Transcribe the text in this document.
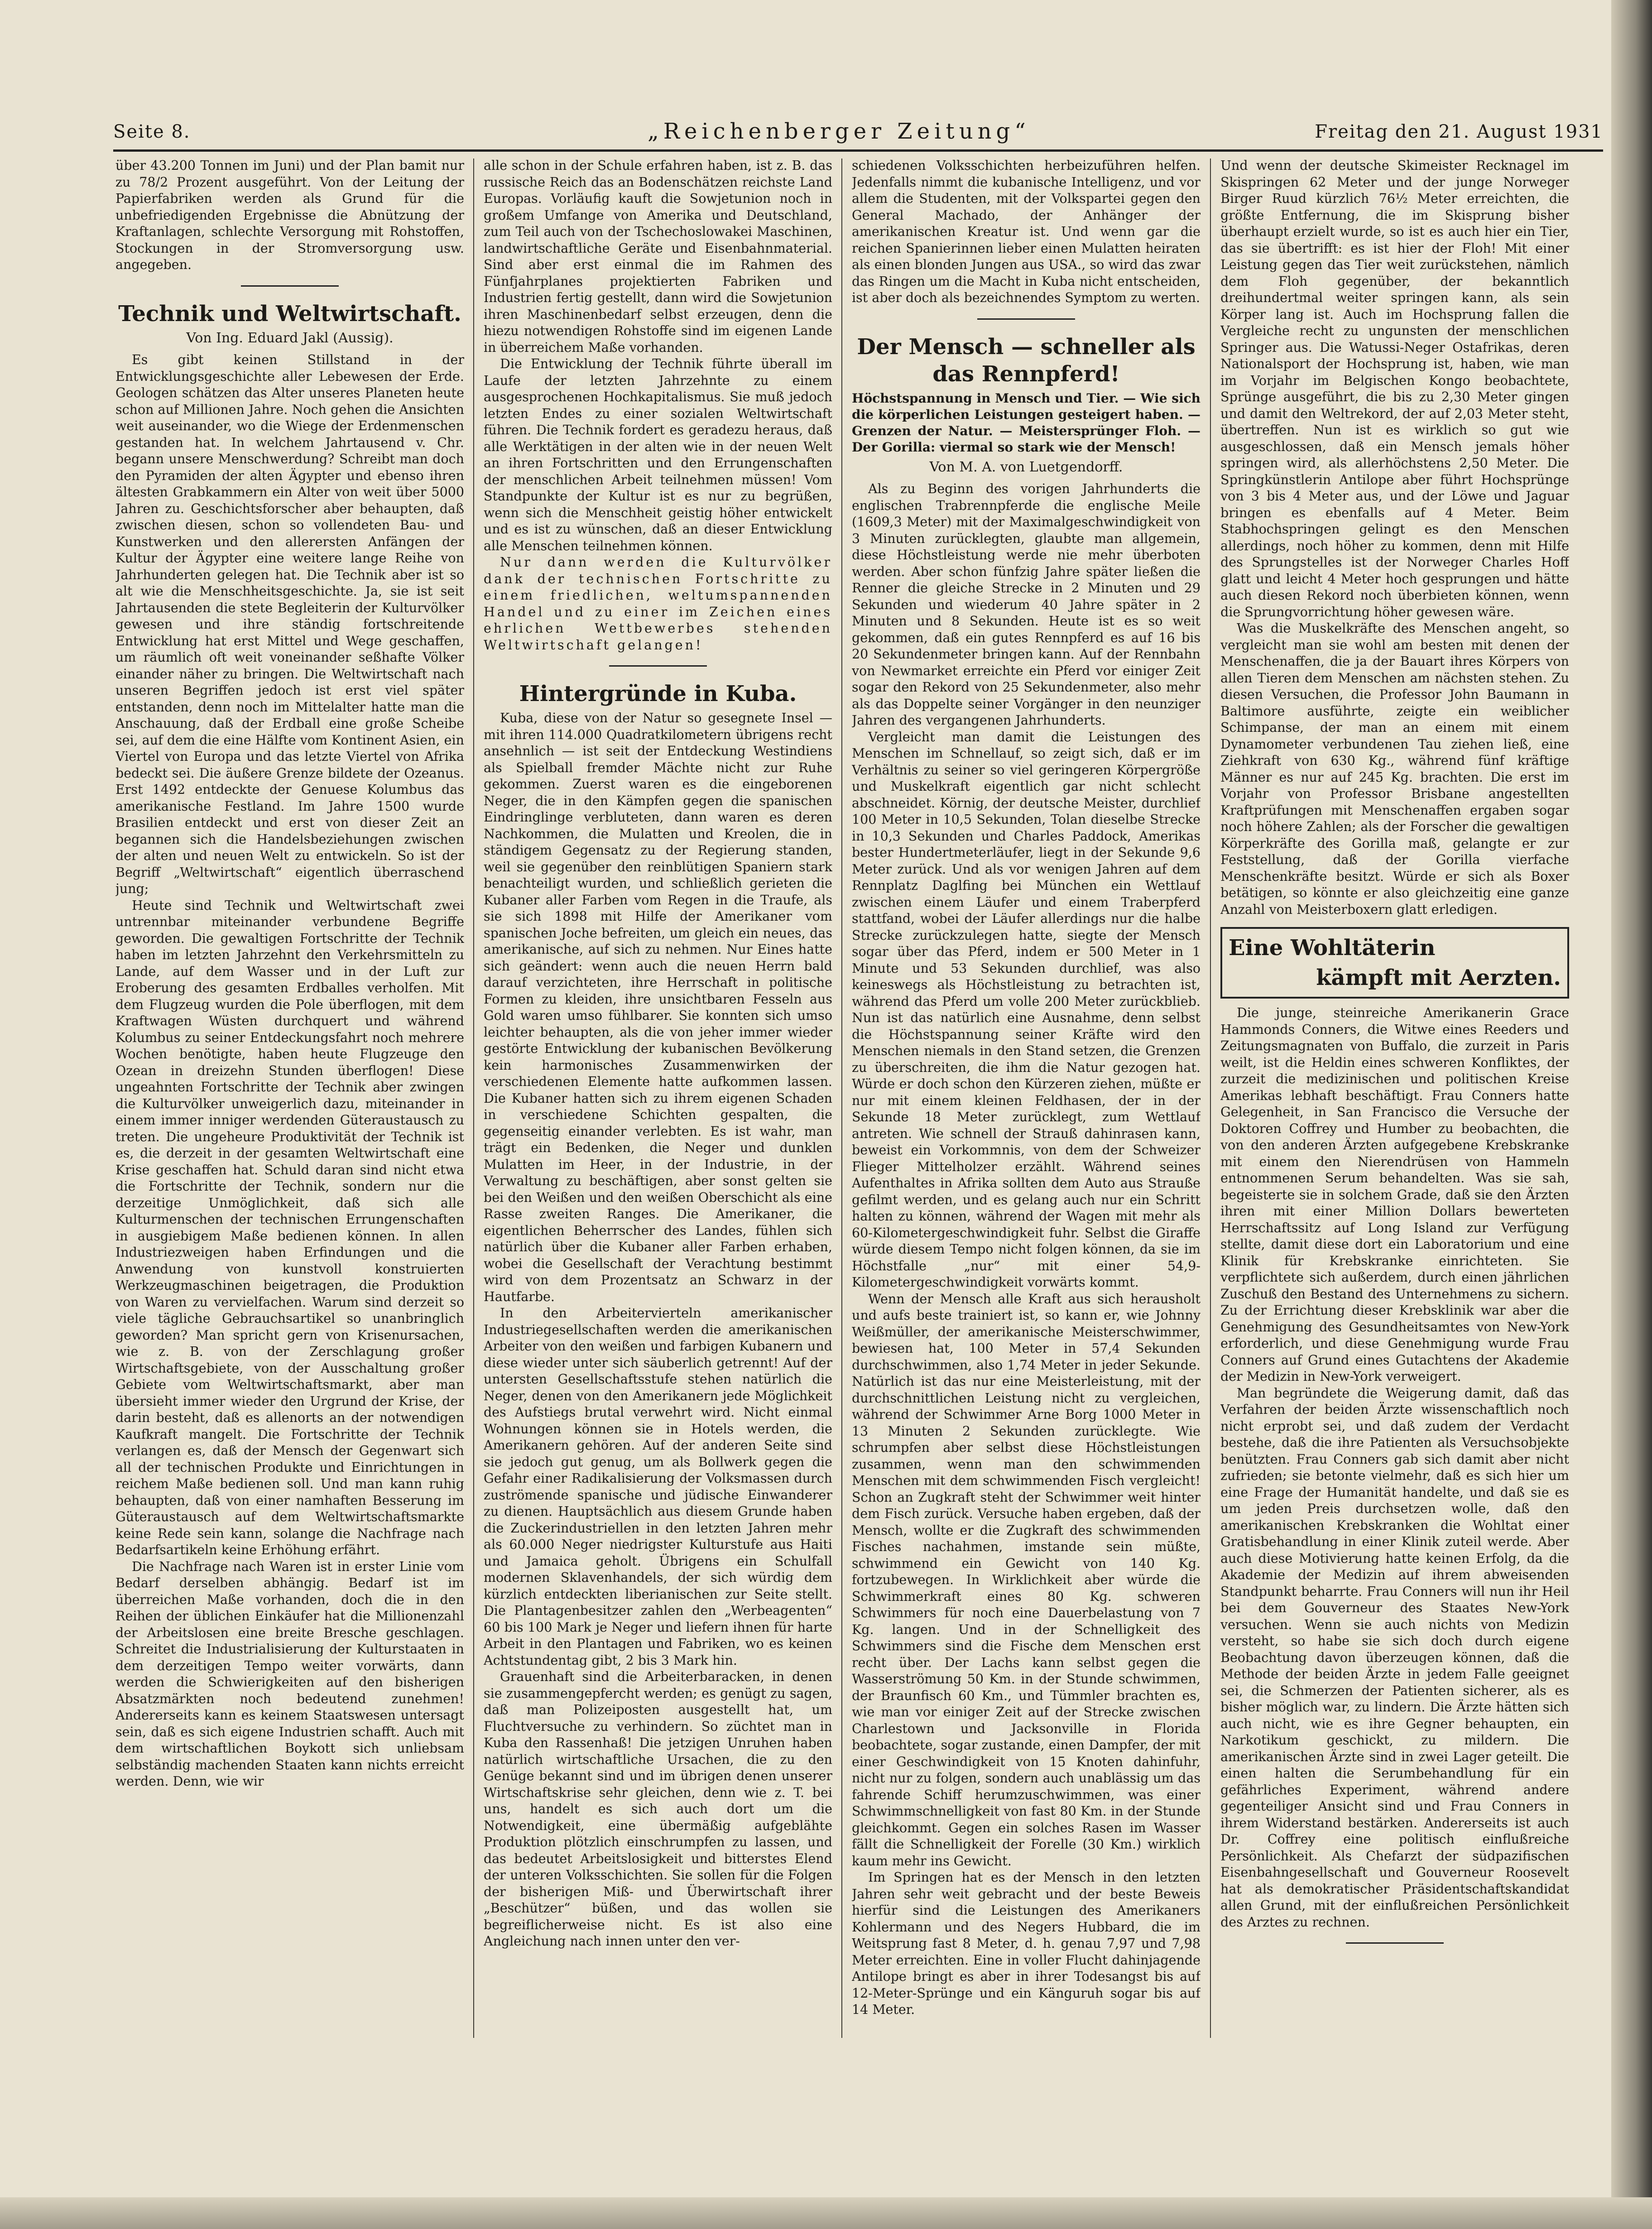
Seite 8.	„Reichenberger Zeitung“	Freitag den 21. August 1931

über 43.200 Tonnen im Juni) und der Plan bamit nur zu 78/2 Prozent ausgeführt. Von der Leitung der Papierfabriken werden als Grund für die unbefriedigenden Ergebnisse die Abnützung der Kraftanlagen, schlechte Versorgung mit Rohstoffen, Stockungen in der Stromversorgung usw. angegeben.

Technik und Weltwirtschaft.
Von Ing. Eduard Jakl (Aussig).

Es gibt keinen Stillstand in der Entwicklungsgeschichte aller Lebewesen der Erde. Geologen schätzen das Alter unseres Planeten heute schon auf Millionen Jahre. Noch gehen die Ansichten weit auseinander, wo die Wiege der Erdenmenschen gestanden hat. In welchem Jahrtausend v. Chr. begann unsere Menschwerdung? Schreibt man doch den Pyramiden der alten Ägypter und ebenso ihren ältesten Grabkammern ein Alter von weit über 5000 Jahren zu. Geschichtsforscher aber behaupten, daß zwischen diesen, schon so vollendeten Bau- und Kunstwerken und den allerersten Anfängen der Kultur der Ägypter eine weitere lange Reihe von Jahrhunderten gelegen hat. Die Technik aber ist so alt wie die Menschheitsgeschichte. Ja, sie ist seit Jahrtausenden die stete Begleiterin der Kulturvölker gewesen und ihre ständig fortschreitende Entwicklung hat erst Mittel und Wege geschaffen, um räumlich oft weit voneinander seßhafte Völker einander näher zu bringen. Die Weltwirtschaft nach unseren Begriffen jedoch ist erst viel später entstanden, denn noch im Mittelalter hatte man die Anschauung, daß der Erdball eine große Scheibe sei, auf dem die eine Hälfte vom Kontinent Asien, ein Viertel von Europa und das letzte Viertel von Afrika bedeckt sei. Die äußere Grenze bildete der Ozeanus. Erst 1492 entdeckte der Genuese Kolumbus das amerikanische Festland. Im Jahre 1500 wurde Brasilien entdeckt und erst von dieser Zeit an begannen sich die Handelsbeziehungen zwischen der alten und neuen Welt zu entwickeln. So ist der Begriff „Weltwirtschaft“ eigentlich überraschend jung;

Heute sind Technik und Weltwirtschaft zwei untrennbar miteinander verbundene Begriffe geworden. Die gewaltigen Fortschritte der Technik haben im letzten Jahrzehnt den Verkehrsmitteln zu Lande, auf dem Wasser und in der Luft zur Eroberung des gesamten Erdballes verholfen. Mit dem Flugzeug wurden die Pole überflogen, mit dem Kraftwagen Wüsten durchquert und während Kolumbus zu seiner Entdeckungsfahrt noch mehrere Wochen benötigte, haben heute Flugzeuge den Ozean in dreizehn Stunden überflogen! Diese ungeahnten Fortschritte der Technik aber zwingen die Kulturvölker unweigerlich dazu, miteinander in einem immer inniger werdenden Güteraustausch zu treten. Die ungeheure Produktivität der Technik ist es, die derzeit in der gesamten Weltwirtschaft eine Krise geschaffen hat. Schuld daran sind nicht etwa die Fortschritte der Technik, sondern nur die derzeitige Unmöglichkeit, daß sich alle Kulturmenschen der technischen Errungenschaften in ausgiebigem Maße bedienen können. In allen Industriezweigen haben Erfindungen und die Anwendung von kunstvoll konstruierten Werkzeugmaschinen beigetragen, die Produktion von Waren zu vervielfachen. Warum sind derzeit so viele tägliche Gebrauchsartikel so unanbringlich geworden? Man spricht gern von Krisenursachen, wie z. B. von der Zerschlagung großer Wirtschaftsgebiete, von der Ausschaltung großer Gebiete vom Weltwirtschaftsmarkt, aber man übersieht immer wieder den Urgrund der Krise, der darin besteht, daß es allenorts an der notwendigen Kaufkraft mangelt. Die Fortschritte der Technik verlangen es, daß der Mensch der Gegenwart sich all der technischen Produkte und Einrichtungen in reichem Maße bedienen soll. Und man kann ruhig behaupten, daß von einer namhaften Besserung im Güteraustausch auf dem Weltwirtschaftsmarkte keine Rede sein kann, solange die Nachfrage nach Bedarfsartikeln keine Erhöhung erfährt.

Die Nachfrage nach Waren ist in erster Linie vom Bedarf derselben abhängig. Bedarf ist im überreichen Maße vorhanden, doch die in den Reihen der üblichen Einkäufer hat die Millionenzahl der Arbeitslosen eine breite Bresche geschlagen. Schreitet die Industrialisierung der Kulturstaaten in dem derzeitigen Tempo weiter vorwärts, dann werden die Schwierigkeiten auf den bisherigen Absatzmärkten noch bedeutend zunehmen! Andererseits kann es keinem Staatswesen untersagt sein, daß es sich eigene Industrien schafft. Auch mit dem wirtschaftlichen Boykott sich unliebsam selbständig machenden Staaten kann nichts erreicht werden. Denn, wie wir

alle schon in der Schule erfahren haben, ist z. B. das russische Reich das an Bodenschätzen reichste Land Europas. Vorläufig kauft die Sowjetunion noch in großem Umfange von Amerika und Deutschland, zum Teil auch von der Tschechoslowakei Maschinen, landwirtschaftliche Geräte und Eisenbahnmaterial. Sind aber erst einmal die im Rahmen des Fünfjahrplanes projektierten Fabriken und Industrien fertig gestellt, dann wird die Sowjetunion ihren Maschinenbedarf selbst erzeugen, denn die hiezu notwendigen Rohstoffe sind im eigenen Lande in überreichem Maße vorhanden.

Die Entwicklung der Technik führte überall im Laufe der letzten Jahrzehnte zu einem ausgesprochenen Hochkapitalismus. Sie muß jedoch letzten Endes zu einer sozialen Weltwirtschaft führen. Die Technik fordert es geradezu heraus, daß alle Werktätigen in der alten wie in der neuen Welt an ihren Fortschritten und den Errungenschaften der menschlichen Arbeit teilnehmen müssen! Vom Standpunkte der Kultur ist es nur zu begrüßen, wenn sich die Menschheit geistig höher entwickelt und es ist zu wünschen, daß an dieser Entwicklung alle Menschen teilnehmen können.

Nur dann werden die Kulturvölker dank der technischen Fortschritte zu einem friedlichen, weltumspannenden Handel und zu einer im Zeichen eines ehrlichen Wettbewerbes stehenden Weltwirtschaft gelangen!

Hintergründe in Kuba.

Kuba, diese von der Natur so gesegnete Insel — mit ihren 114.000 Quadratkilometern übrigens recht ansehnlich — ist seit der Entdeckung Westindiens als Spielball fremder Mächte nicht zur Ruhe gekommen. Zuerst waren es die eingeborenen Neger, die in den Kämpfen gegen die spanischen Eindringlinge verbluteten, dann waren es deren Nachkommen, die Mulatten und Kreolen, die in ständigem Gegensatz zu der Regierung standen, weil sie gegenüber den reinblütigen Spaniern stark benachteiligt wurden, und schließlich gerieten die Kubaner aller Farben vom Regen in die Traufe, als sie sich 1898 mit Hilfe der Amerikaner vom spanischen Joche befreiten, um gleich ein neues, das amerikanische, auf sich zu nehmen. Nur Eines hatte sich geändert: wenn auch die neuen Herrn bald darauf verzichteten, ihre Herrschaft in politische Formen zu kleiden, ihre unsichtbaren Fesseln aus Gold waren umso fühlbarer. Sie konnten sich umso leichter behaupten, als die von jeher immer wieder gestörte Entwicklung der kubanischen Bevölkerung kein harmonisches Zusammenwirken der verschiedenen Elemente hatte aufkommen lassen. Die Kubaner hatten sich zu ihrem eigenen Schaden in verschiedene Schichten gespalten, die gegenseitig einander verlebten. Es ist wahr, man trägt ein Bedenken, die Neger und dunklen Mulatten im Heer, in der Industrie, in der Verwaltung zu beschäftigen, aber sonst gelten sie bei den Weißen und den weißen Oberschicht als eine Rasse zweiten Ranges. Die Amerikaner, die eigentlichen Beherrscher des Landes, fühlen sich natürlich über die Kubaner aller Farben erhaben, wobei die Gesellschaft der Verachtung bestimmt wird von dem Prozentsatz an Schwarz in der Hautfarbe.

In den Arbeitervierteln amerikanischer Industriegesellschaften werden die amerikanischen Arbeiter von den weißen und farbigen Kubanern und diese wieder unter sich säuberlich getrennt! Auf der untersten Gesellschaftsstufe stehen natürlich die Neger, denen von den Amerikanern jede Möglichkeit des Aufstiegs brutal verwehrt wird. Nicht einmal Wohnungen können sie in Hotels werden, die Amerikanern gehören. Auf der anderen Seite sind sie jedoch gut genug, um als Bollwerk gegen die Gefahr einer Radikalisierung der Volksmassen durch zuströmende spanische und jüdische Einwanderer zu dienen. Hauptsächlich aus diesem Grunde haben die Zuckerindustriellen in den letzten Jahren mehr als 60.000 Neger niedrigster Kulturstufe aus Haiti und Jamaica geholt. Übrigens ein Schulfall modernen Sklavenhandels, der sich würdig dem kürzlich entdeckten liberianischen zur Seite stellt. Die Plantagenbesitzer zahlen den „Werbeagenten“ 60 bis 100 Mark je Neger und liefern ihnen für harte Arbeit in den Plantagen und Fabriken, wo es keinen Achtstundentag gibt, 2 bis 3 Mark hin.

Grauenhaft sind die Arbeiterbaracken, in denen sie zusammengepfercht werden; es genügt zu sagen, daß man Polizeiposten ausgestellt hat, um Fluchtversuche zu verhindern. So züchtet man in Kuba den Rassenhaß! Die jetzigen Unruhen haben natürlich wirtschaftliche Ursachen, die zu den Genüge bekannt sind und im übrigen denen unserer Wirtschaftskrise sehr gleichen, denn wie z. T. bei uns, handelt es sich auch dort um die Notwendigkeit, eine übermäßig aufgeblähte Produktion plötzlich einschrumpfen zu lassen, und das bedeutet Arbeitslosigkeit und bitterstes Elend der unteren Volksschichten. Sie sollen für die Folgen der bisherigen Miß- und Überwirtschaft ihrer „Beschützer“ büßen, und das wollen sie begreiflicherweise nicht. Es ist also eine Angleichung nach innen unter den ver-

schiedenen Volksschichten herbeizuführen helfen. Jedenfalls nimmt die kubanische Intelligenz, und vor allem die Studenten, mit der Volkspartei gegen den General Machado, der Anhänger der amerikanischen Kreatur ist. Und wenn gar die reichen Spanierinnen lieber einen Mulatten heiraten als einen blonden Jungen aus USA., so wird das zwar das Ringen um die Macht in Kuba nicht entscheiden, ist aber doch als bezeichnendes Symptom zu werten.

Der Mensch — schneller als das Rennpferd!
Höchstspannung in Mensch und Tier. — Wie sich die körperlichen Leistungen gesteigert haben. — Grenzen der Natur. — Meistersprünger Floh. — Der Gorilla: viermal so stark wie der Mensch!
Von M. A. von Luetgendorff.

Als zu Beginn des vorigen Jahrhunderts die englischen Trabrennpferde die englische Meile (1609,3 Meter) mit der Maximalgeschwindigkeit von 3 Minuten zurücklegten, glaubte man allgemein, diese Höchstleistung werde nie mehr überboten werden. Aber schon fünfzig Jahre später ließen die Renner die gleiche Strecke in 2 Minuten und 29 Sekunden und wiederum 40 Jahre später in 2 Minuten und 8 Sekunden. Heute ist es so weit gekommen, daß ein gutes Rennpferd es auf 16 bis 20 Sekundenmeter bringen kann. Auf der Rennbahn von Newmarket erreichte ein Pferd vor einiger Zeit sogar den Rekord von 25 Sekundenmeter, also mehr als das Doppelte seiner Vorgänger in den neunziger Jahren des vergangenen Jahrhunderts.

Vergleicht man damit die Leistungen des Menschen im Schnellauf, so zeigt sich, daß er im Verhältnis zu seiner so viel geringeren Körpergröße und Muskelkraft eigentlich gar nicht schlecht abschneidet. Körnig, der deutsche Meister, durchlief 100 Meter in 10,5 Sekunden, Tolan dieselbe Strecke in 10,3 Sekunden und Charles Paddock, Amerikas bester Hundertmeterläufer, liegt in der Sekunde 9,6 Meter zurück. Und als vor wenigen Jahren auf dem Rennplatz Daglfing bei München ein Wettlauf zwischen einem Läufer und einem Traberpferd stattfand, wobei der Läufer allerdings nur die halbe Strecke zurückzulegen hatte, siegte der Mensch sogar über das Pferd, indem er 500 Meter in 1 Minute und 53 Sekunden durchlief, was also keineswegs als Höchstleistung zu betrachten ist, während das Pferd um volle 200 Meter zurückblieb. Nun ist das natürlich eine Ausnahme, denn selbst die Höchstspannung seiner Kräfte wird den Menschen niemals in den Stand setzen, die Grenzen zu überschreiten, die ihm die Natur gezogen hat. Würde er doch schon den Kürzeren ziehen, müßte er nur mit einem kleinen Feldhasen, der in der Sekunde 18 Meter zurücklegt, zum Wettlauf antreten. Wie schnell der Strauß dahinrasen kann, beweist ein Vorkommnis, von dem der Schweizer Flieger Mittelholzer erzählt. Während seines Aufenthaltes in Afrika sollten dem Auto aus Strauße gefilmt werden, und es gelang auch nur ein Schritt halten zu können, während der Wagen mit mehr als 60-Kilometergeschwindigkeit fuhr. Selbst die Giraffe würde diesem Tempo nicht folgen können, da sie im Höchstfalle „nur“ mit einer 54,9-Kilometergeschwindigkeit vorwärts kommt.

Wenn der Mensch alle Kraft aus sich herausholt und aufs beste trainiert ist, so kann er, wie Johnny Weißmüller, der amerikanische Meisterschwimmer, bewiesen hat, 100 Meter in 57,4 Sekunden durchschwimmen, also 1,74 Meter in jeder Sekunde. Natürlich ist das nur eine Meisterleistung, mit der durchschnittlichen Leistung nicht zu vergleichen, während der Schwimmer Arne Borg 1000 Meter in 13 Minuten 2 Sekunden zurücklegte. Wie schrumpfen aber selbst diese Höchstleistungen zusammen, wenn man den schwimmenden Menschen mit dem schwimmenden Fisch vergleicht! Schon an Zugkraft steht der Schwimmer weit hinter dem Fisch zurück. Versuche haben ergeben, daß der Mensch, wollte er die Zugkraft des schwimmenden Fisches nachahmen, imstande sein müßte, schwimmend ein Gewicht von 140 Kg. fortzubewegen. In Wirklichkeit aber würde die Schwimmerkraft eines 80 Kg. schweren Schwimmers für noch eine Dauerbelastung von 7 Kg. langen. Und in der Schnelligkeit des Schwimmers sind die Fische dem Menschen erst recht über. Der Lachs kann selbst gegen die Wasserströmung 50 Km. in der Stunde schwimmen, der Braunfisch 60 Km., und Tümmler brachten es, wie man vor einiger Zeit auf der Strecke zwischen Charlestown und Jacksonville in Florida beobachtete, sogar zustande, einen Dampfer, der mit einer Geschwindigkeit von 15 Knoten dahinfuhr, nicht nur zu folgen, sondern auch unablässig um das fahrende Schiff herumzuschwimmen, was einer Schwimmschnelligkeit von fast 80 Km. in der Stunde gleichkommt. Gegen ein solches Rasen im Wasser fällt die Schnelligkeit der Forelle (30 Km.) wirklich kaum mehr ins Gewicht.

Im Springen hat es der Mensch in den letzten Jahren sehr weit gebracht und der beste Beweis hierfür sind die Leistungen des Amerikaners Kohlermann und des Negers Hubbard, die im Weitsprung fast 8 Meter, d. h. genau 7,97 und 7,98 Meter erreichten. Eine in voller Flucht dahinjagende Antilope bringt es aber in ihrer Todesangst bis auf 12-Meter-Sprünge und ein Känguruh sogar bis auf 14 Meter.

Und wenn der deutsche Skimeister Recknagel im Skispringen 62 Meter und der junge Norweger Birger Ruud kürzlich 76½ Meter erreichten, die größte Entfernung, die im Skisprung bisher überhaupt erzielt wurde, so ist es auch hier ein Tier, das sie übertrifft: es ist hier der Floh! Mit einer Leistung gegen das Tier weit zurückstehen, nämlich dem Floh gegenüber, der bekanntlich dreihundertmal weiter springen kann, als sein Körper lang ist. Auch im Hochsprung fallen die Vergleiche recht zu ungunsten der menschlichen Springer aus. Die Watussi-Neger Ostafrikas, deren Nationalsport der Hochsprung ist, haben, wie man im Vorjahr im Belgischen Kongo beobachtete, Sprünge ausgeführt, die bis zu 2,30 Meter gingen und damit den Weltrekord, der auf 2,03 Meter steht, übertreffen. Nun ist es wirklich so gut wie ausgeschlossen, daß ein Mensch jemals höher springen wird, als allerhöchstens 2,50 Meter. Die Springkünstlerin Antilope aber führt Hochsprünge von 3 bis 4 Meter aus, und der Löwe und Jaguar bringen es ebenfalls auf 4 Meter. Beim Stabhochspringen gelingt es den Menschen allerdings, noch höher zu kommen, denn mit Hilfe des Sprungstelles ist der Norweger Charles Hoff glatt und leicht 4 Meter hoch gesprungen und hätte auch diesen Rekord noch überbieten können, wenn die Sprungvorrichtung höher gewesen wäre.

Was die Muskelkräfte des Menschen angeht, so vergleicht man sie wohl am besten mit denen der Menschenaffen, die ja der Bauart ihres Körpers von allen Tieren dem Menschen am nächsten stehen. Zu diesen Versuchen, die Professor John Baumann in Baltimore ausführte, zeigte ein weiblicher Schimpanse, der man an einem mit einem Dynamometer verbundenen Tau ziehen ließ, eine Ziehkraft von 630 Kg., während fünf kräftige Männer es nur auf 245 Kg. brachten. Die erst im Vorjahr von Professor Brisbane angestellten Kraftprüfungen mit Menschenaffen ergaben sogar noch höhere Zahlen; als der Forscher die gewaltigen Körperkräfte des Gorilla maß, gelangte er zur Feststellung, daß der Gorilla vierfache Menschenkräfte besitzt. Würde er sich als Boxer betätigen, so könnte er also gleichzeitig eine ganze Anzahl von Meisterboxern glatt erledigen.

Eine Wohltäterin
kämpft mit Aerzten.

Die junge, steinreiche Amerikanerin Grace Hammonds Conners, die Witwe eines Reeders und Zeitungsmagnaten von Buffalo, die zurzeit in Paris weilt, ist die Heldin eines schweren Konfliktes, der zurzeit die medizinischen und politischen Kreise Amerikas lebhaft beschäftigt. Frau Conners hatte Gelegenheit, in San Francisco die Versuche der Doktoren Coffrey und Humber zu beobachten, die von den anderen Ärzten aufgegebene Krebskranke mit einem den Nierendrüsen von Hammeln entnommenen Serum behandelten. Was sie sah, begeisterte sie in solchem Grade, daß sie den Ärzten ihren mit einer Million Dollars bewerteten Herrschaftssitz auf Long Island zur Verfügung stellte, damit diese dort ein Laboratorium und eine Klinik für Krebskranke einrichteten. Sie verpflichtete sich außerdem, durch einen jährlichen Zuschuß den Bestand des Unternehmens zu sichern. Zu der Errichtung dieser Krebsklinik war aber die Genehmigung des Gesundheitsamtes von New-York erforderlich, und diese Genehmigung wurde Frau Conners auf Grund eines Gutachtens der Akademie der Medizin in New-York verweigert.

Man begründete die Weigerung damit, daß das Verfahren der beiden Ärzte wissenschaftlich noch nicht erprobt sei, und daß zudem der Verdacht bestehe, daß die ihre Patienten als Versuchsobjekte benützten. Frau Conners gab sich damit aber nicht zufrieden; sie betonte vielmehr, daß es sich hier um eine Frage der Humanität handelte, und daß sie es um jeden Preis durchsetzen wolle, daß den amerikanischen Krebskranken die Wohltat einer Gratisbehandlung in einer Klinik zuteil werde. Aber auch diese Motivierung hatte keinen Erfolg, da die Akademie der Medizin auf ihrem abweisenden Standpunkt beharrte. Frau Conners will nun ihr Heil bei dem Gouverneur des Staates New-York versuchen. Wenn sie auch nichts von Medizin versteht, so habe sie sich doch durch eigene Beobachtung davon überzeugen können, daß die Methode der beiden Ärzte in jedem Falle geeignet sei, die Schmerzen der Patienten sicherer, als es bisher möglich war, zu lindern. Die Ärzte hätten sich auch nicht, wie es ihre Gegner behaupten, ein Narkotikum geschickt, zu mildern. Die amerikanischen Ärzte sind in zwei Lager geteilt. Die einen halten die Serumbehandlung für ein gefährliches Experiment, während andere gegenteiliger Ansicht sind und Frau Conners in ihrem Widerstand bestärken. Andererseits ist auch Dr. Coffrey eine politisch einflußreiche Persönlichkeit. Als Chefarzt der südpazifischen Eisenbahngesellschaft und Gouverneur Roosevelt hat als demokratischer Präsidentschaftskandidat allen Grund, mit der einflußreichen Persönlichkeit des Arztes zu rechnen.
